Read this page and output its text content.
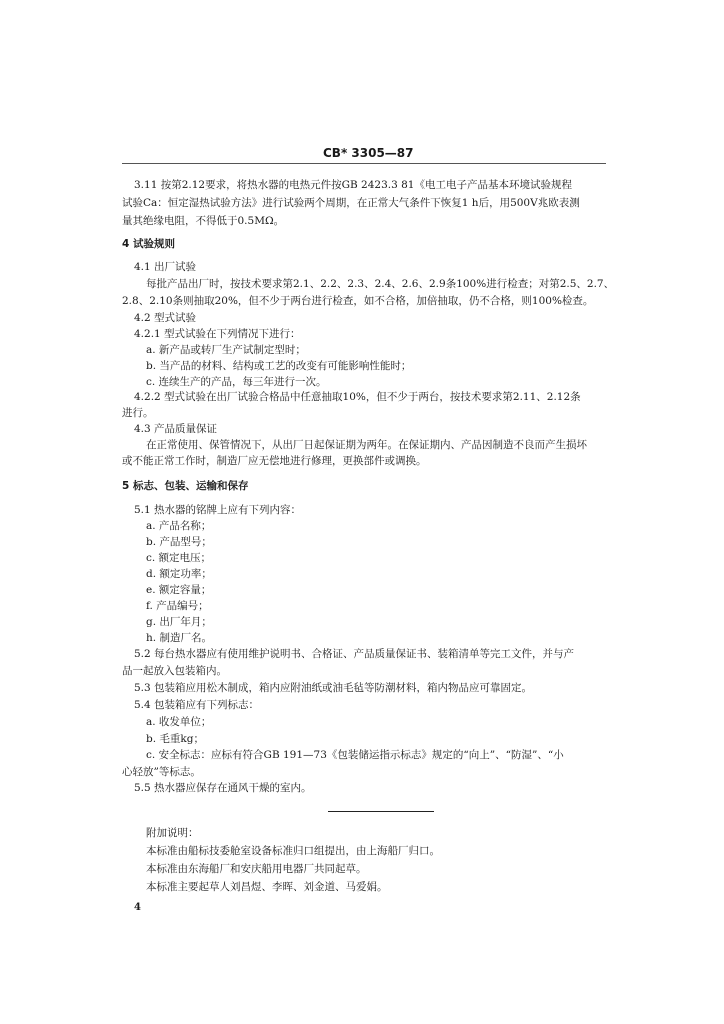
CB* 3305—87
3.11 按第2.12要求，将热水器的电热元件按GB 2423.3 81《电工电子产品基本环境试验规程
试验Ca：恒定湿热试验方法》进行试验两个周期，在正常大气条件下恢复1 h后，用500V兆欧表测
量其绝缘电阻，不得低于0.5MΩ。
4 试验规则
4.1 出厂试验
每批产品出厂时，按技术要求第2.1、2.2、2.3、2.4、2.6、2.9条100%进行检查；对第2.5、2.7、
2.8、2.10条则抽取20%，但不少于两台进行检查，如不合格，加倍抽取，仍不合格，则100%检查。
4.2 型式试验
4.2.1 型式试验在下列情况下进行：
a. 新产品或转厂生产试制定型时；
b. 当产品的材料、结构或工艺的改变有可能影响性能时；
c. 连续生产的产品，每三年进行一次。
4.2.2 型式试验在出厂试验合格品中任意抽取10%，但不少于两台，按技术要求第2.11、2.12条
进行。
4.3 产品质量保证
在正常使用、保管情况下，从出厂日起保证期为两年。在保证期内、产品因制造不良而产生损坏
或不能正常工作时，制造厂应无偿地进行修理，更换部件或调换。
5 标志、包装、运输和保存
5.1 热水器的铭牌上应有下列内容：
a. 产品名称；
b. 产品型号；
c. 额定电压；
d. 额定功率；
e. 额定容量；
f. 产品编号；
g. 出厂年月；
h. 制造厂名。
5.2 每台热水器应有使用维护说明书、合格证、产品质量保证书、装箱清单等完工文件，并与产
品一起放入包装箱内。
5.3 包装箱应用松木制成，箱内应附油纸或油毛毡等防潮材料，箱内物品应可靠固定。
5.4 包装箱应有下列标志：
a. 收发单位；
b. 毛重kg；
c. 安全标志：应标有符合GB 191—73《包装储运指示标志》规定的“向上”、“防湿”、“小
心轻放”等标志。
5.5 热水器应保存在通风干燥的室内。
附加说明：
本标准由船标技委舱室设备标准归口组提出，由上海船厂归口。
本标准由东海船厂和安庆船用电器厂共同起草。
本标准主要起草人刘昌煜、李晖、刘金道、马爱娟。
4
